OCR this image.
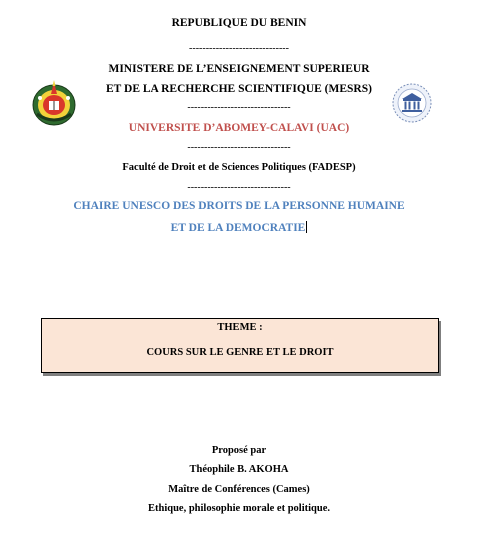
REPUBLIQUE DU BENIN
------------------------------
MINISTERE DE L’ENSEIGNEMENT SUPERIEUR
ET DE LA RECHERCHE SCIENTIFIQUE (MESRS)
-------------------------------
UNIVERSITE D’ABOMEY-CALAVI (UAC)
-------------------------------
Faculté de Droit et de Sciences Politiques (FADESP)
-------------------------------
CHAIRE UNESCO DES DROITS DE LA PERSONNE HUMAINE
ET DE LA DEMOCRATIE
THEME :
COURS SUR LE GENRE ET LE DROIT
Proposé par
Théophile B. AKOHA
Maître de Conférences (Cames)
Ethique, philosophie morale et politique.
